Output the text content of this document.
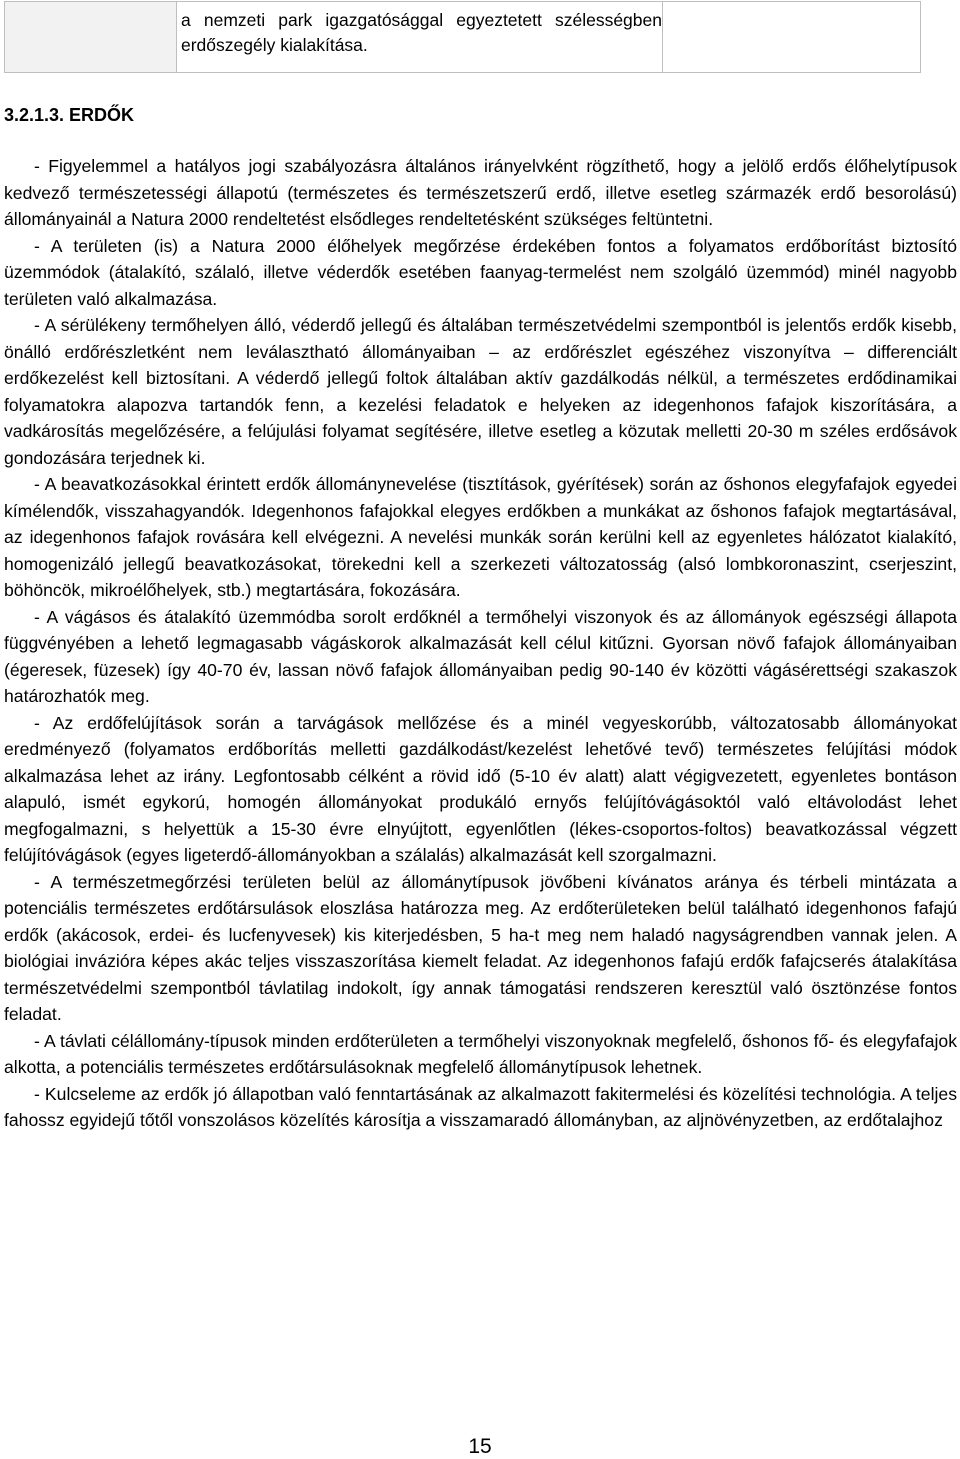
a nemzeti park igazgatósággal egyeztetett szélességben erdőszegély kialakítása.

3.2.1.3. ERDŐK

- Figyelemmel a hatályos jogi szabályozásra általános irányelvként rögzíthető, hogy a jelölő erdős élőhelytípusok kedvező természetességi állapotú (természetes és természetszerű erdő, illetve esetleg származék erdő besorolású) állományainál a Natura 2000 rendeltetést elsődleges rendeltetésként szükséges feltüntetni.

- A területen (is) a Natura 2000 élőhelyek megőrzése érdekében fontos a folyamatos erdőborítást biztosító üzemmódok (átalakító, szálaló, illetve véderdők esetében faanyag-termelést nem szolgáló üzemmód) minél nagyobb területen való alkalmazása.

- A sérülékeny termőhelyen álló, véderdő jellegű és általában természetvédelmi szempontból is jelentős erdők kisebb, önálló erdőrészletként nem leválasztható állományaiban – az erdőrészlet egészéhez viszonyítva – differenciált erdőkezelést kell biztosítani. A véderdő jellegű foltok általában aktív gazdálkodás nélkül, a természetes erdődinamikai folyamatokra alapozva tartandók fenn, a kezelési feladatok e helyeken az idegenhonos fafajok kiszorítására, a vadkárosítás megelőzésére, a felújulási folyamat segítésére, illetve esetleg a közutak melletti 20-30 m széles erdősávok gondozására terjednek ki.

- A beavatkozásokkal érintett erdők állománynevelése (tisztítások, gyérítések) során az őshonos elegyfafajok egyedei kímélendők, visszahagyandók. Idegenhonos fafajokkal elegyes erdőkben a munkákat az őshonos fafajok megtartásával, az idegenhonos fafajok rovására kell elvégezni. A nevelési munkák során kerülni kell az egyenletes hálózatot kialakító, homogenizáló jellegű beavatkozásokat, törekedni kell a szerkezeti változatosság (alsó lombkoronaszint, cserjeszint, böhöncök, mikroélőhelyek, stb.) megtartására, fokozására.

- A vágásos és átalakító üzemmódba sorolt erdőknél a termőhelyi viszonyok és az állományok egészségi állapota függvényében a lehető legmagasabb vágáskorok alkalmazását kell célul kitűzni. Gyorsan növő fafajok állományaiban (égeresek, füzesek) így 40-70 év, lassan növő fafajok állományaiban pedig 90-140 év közötti vágásérettségi szakaszok határozhatók meg.

- Az erdőfelújítások során a tarvágások mellőzése és a minél vegyeskorúbb, változatosabb állományokat eredményező (folyamatos erdőborítás melletti gazdálkodást/kezelést lehetővé tevő) természetes felújítási módok alkalmazása lehet az irány. Legfontosabb célként a rövid idő (5-10 év alatt) alatt végigvezetett, egyenletes bontáson alapuló, ismét egykorú, homogén állományokat produkáló ernyős felújítóvágásoktól való eltávolodást lehet megfogalmazni, s helyettük a 15-30 évre elnyújtott, egyenlőtlen (lékes-csoportos-foltos) beavatkozással végzett felújítóvágások (egyes ligeterdő-állományokban a szálalás) alkalmazását kell szorgalmazni.

- A természetmegőrzési területen belül az állománytípusok jövőbeni kívánatos aránya és térbeli mintázata a potenciális természetes erdőtársulások eloszlása határozza meg. Az erdőterületeken belül található idegenhonos fafajú erdők (akácosok, erdei- és lucfenyvesek) kis kiterjedésben, 5 ha-t meg nem haladó nagyságrendben vannak jelen. A biológiai invázióra képes akác teljes visszaszorítása kiemelt feladat. Az idegenhonos fafajú erdők fafajcserés átalakítása természetvédelmi szempontból távlatilag indokolt, így annak támogatási rendszeren keresztül való ösztönzése fontos feladat.

- A távlati célállomány-típusok minden erdőterületen a termőhelyi viszonyoknak megfelelő, őshonos fő- és elegyfafajok alkotta, a potenciális természetes erdőtársulásoknak megfelelő állománytípusok lehetnek.

- Kulcseleme az erdők jó állapotban való fenntartásának az alkalmazott fakitermelési és közelítési technológia. A teljes fahossz egyidejű tőtől vonszolásos közelítés károsítja a visszamaradó állományban, az aljnövényzetben, az erdőtalajhoz

15
